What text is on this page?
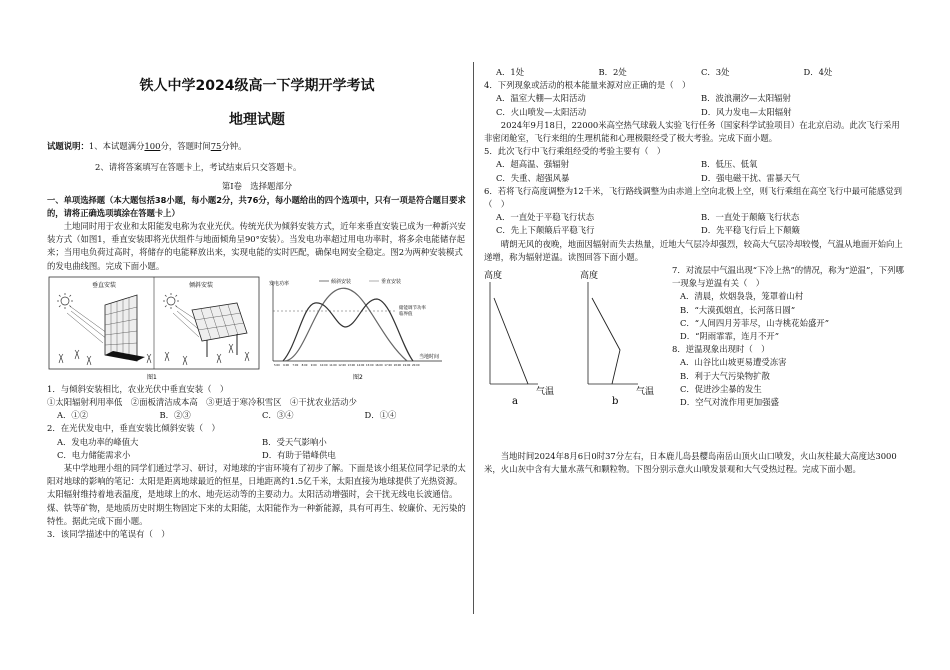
铁人中学2024级高一下学期开学考试
地理试题
试题说明：1、本试题满分100分，答题时间75分钟。
2、请将答案填写在答题卡上，考试结束后只交答题卡。
第Ⅰ卷　选择题部分
一、单项选择题（本大题包括38小题，每小题2分，共76分，每小题给出的四个选项中，只有一项是符合题目要求的，请将正确选项填涂在答题卡上）
土地同时用于农业和太阳能发电称为农业光伏。传统光伏为倾斜安装方式，近年来垂直安装已成为一种新兴安装方式（如图1，垂直安装即将光伏组件与地面倾角呈90°安装）。当发电功率超过用电功率时，将多余电能储存起来；当用电负荷过高时，将储存的电能释放出来，实现电能的实时匹配，确保电网安全稳定。图2为两种安装模式的发电曲线图。完成下面小题。
垂直安装	倾斜安装
图1
发电功率	倾斜安装	垂直安装
储能调节功率
临界值
当地时间
5:00 6:00 7:00 8:00 9:00 10:00 11:00 12:00 13:00 14:00 15:00 16:00 17:00 18:00 19:00 20:00
图2
1．与倾斜安装相比，农业光伏中垂直安装（　）
①太阳辐射利用率低　②面板清洁成本高　③更适于寒冷积雪区　④干扰农业活动少
A．①②	B．②③	C．③④	D．①④
2．在光伏发电中，垂直安装比倾斜安装（　）
A．发电功率的峰值大	B．受天气影响小
C．电力储能需求小	D．有助于错峰供电
某中学地理小组的同学们通过学习、研讨，对地球的宇宙环境有了初步了解。下面是该小组某位同学记录的太阳对地球的影响的笔记：太阳是距离地球最近的恒星，日地距离约1.5亿千米，太阳直接为地球提供了光热资源。太阳辐射维持着地表温度，是地球上的水、地壳运动等的主要动力。太阳活动增强时，会干扰无线电长波通信。煤、铁等矿物，是地质历史时期生物固定下来的太阳能，太阳能作为一种新能源，具有可再生、较廉价、无污染的特性。据此完成下面小题。
3．该同学描述中的笔误有（　）
A．1处	B．2处	C．3处	D．4处
4．下列现象或活动的根本能量来源对应正确的是（　）
A．温室大棚—太阳活动	B．波浪潮汐—太阳辐射
C．火山喷发—太阳活动	D．风力发电—太阳辐射
2024年9月18日，22000米高空热气球载人实验飞行任务（国家科学试验项目）在北京启动。此次飞行采用非密闭舱室，飞行来组的生理机能和心理极限经受了极大考验。完成下面小题。
5．此次飞行中飞行乘组经受的考验主要有（　）
A．超高温、强辐射	B．低压、低氧
C．失重、超强风暴	D．强电磁干扰、雷暴天气
6．若将飞行高度调整为12千米，飞行路线调整为由赤道上空向北极上空，则飞行乘组在高空飞行中最可能感觉到（　）
A．一直处于平稳飞行状态	B．一直处于颠簸飞行状态
C．先上下颠簸后平稳飞行	D．先平稳飞行后上下颠簸
晴朗无风的夜晚，地面因辐射而失去热量，近地大气层冷却强烈，较高大气层冷却较慢，气温从地面开始向上递增，称为辐射逆温。读图回答下面小题。
高度
气温
a
高度
气温
b
7．对流层中气温出现“下冷上热”的情况，称为“逆温”，下列哪一现象与逆温有关（　）
A．清晨，炊烟袅袅，笼罩着山村
B．“大漠孤烟直，长河落日圆”
C．“人间四月芳菲尽，山寺桃花始盛开”
D．“阴雨霏霏，连月不开”
8．逆温现象出现时（　）
A．山谷比山坡更易遭受冻害
B．利于大气污染物扩散
C．促进沙尘暴的发生
D．空气对流作用更加强盛
当地时间2024年8月6日0时37分左右，日本鹿儿岛县樱岛南岳山顶火山口喷发，火山灰柱最大高度达3000米，火山灰中含有大量水蒸气和颗粒物。下图分别示意火山喷发景观和大气受热过程。完成下面小题。
